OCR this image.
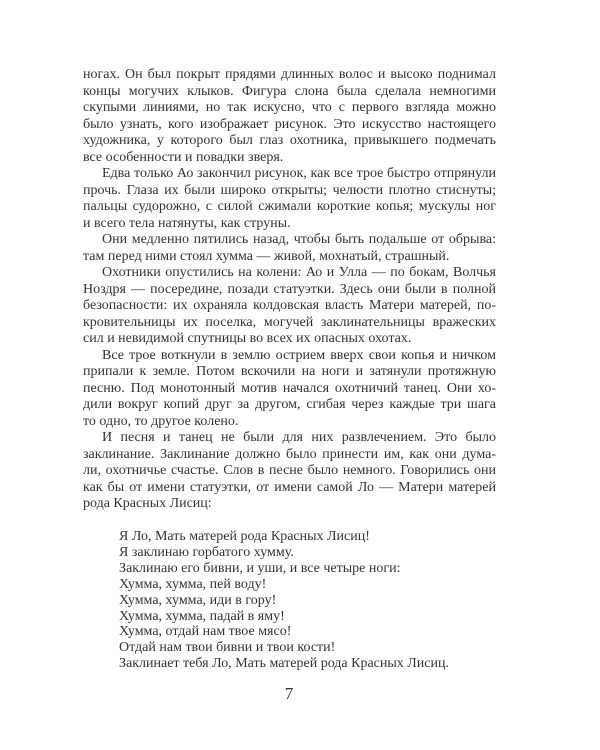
ногах. Он был покрыт прядями длинных волос и высоко поднимал
концы могучих клыков. Фигура слона была сделала немногими
скупыми линиями, но так искусно, что с первого взгляда можно
было узнать, кого изображает рисунок. Это искусство настоящего
художника, у которого был глаз охотника, привыкшего подмечать
все особенности и повадки зверя.
Едва только Ао закончил рисунок, как все трое быстро отпрянули
прочь. Глаза их были широко открыты; челюсти плотно стиснуты;
пальцы судорожно, с силой сжимали короткие копья; мускулы ног
и всего тела натянуты, как струны.
Они медленно пятились назад, чтобы быть подальше от обрыва:
там перед ними стоял хумма — живой, мохнатый, страшный.
Охотники опустились на колени: Ао и Улла — по бокам, Волчья
Ноздря — посередине, позади статуэтки. Здесь они были в полной
безопасности: их охраняла колдовская власть Матери матерей, по-
кровительницы их поселка, могучей заклинательницы вражеских
сил и невидимой спутницы во всех их опасных охотах.
Все трое воткнули в землю острием вверх свои копья и ничком
припали к земле. Потом вскочили на ноги и затянули протяжную
песню. Под монотонный мотив начался охотничий танец. Они хо-
дили вокруг копий друг за другом, сгибая через каждые три шага
то одно, то другое колено.
И песня и танец не были для них развлечением. Это было
заклинание. Заклинание должно было принести им, как они дума-
ли, охотничье счастье. Слов в песне было немного. Говорились они
как бы от имени статуэтки, от имени самой Ло — Матери матерей
рода Красных Лисиц:
Я Ло, Мать матерей рода Красных Лисиц!
Я заклинаю горбатого хумму.
Заклинаю его бивни, и уши, и все четыре ноги:
Хумма, хумма, пей воду!
Хумма, хумма, иди в гору!
Хумма, хумма, падай в яму!
Хумма, отдай нам твое мясо!
Отдай нам твои бивни и твои кости!
Заклинает тебя Ло, Мать матерей рода Красных Лисиц.
7
